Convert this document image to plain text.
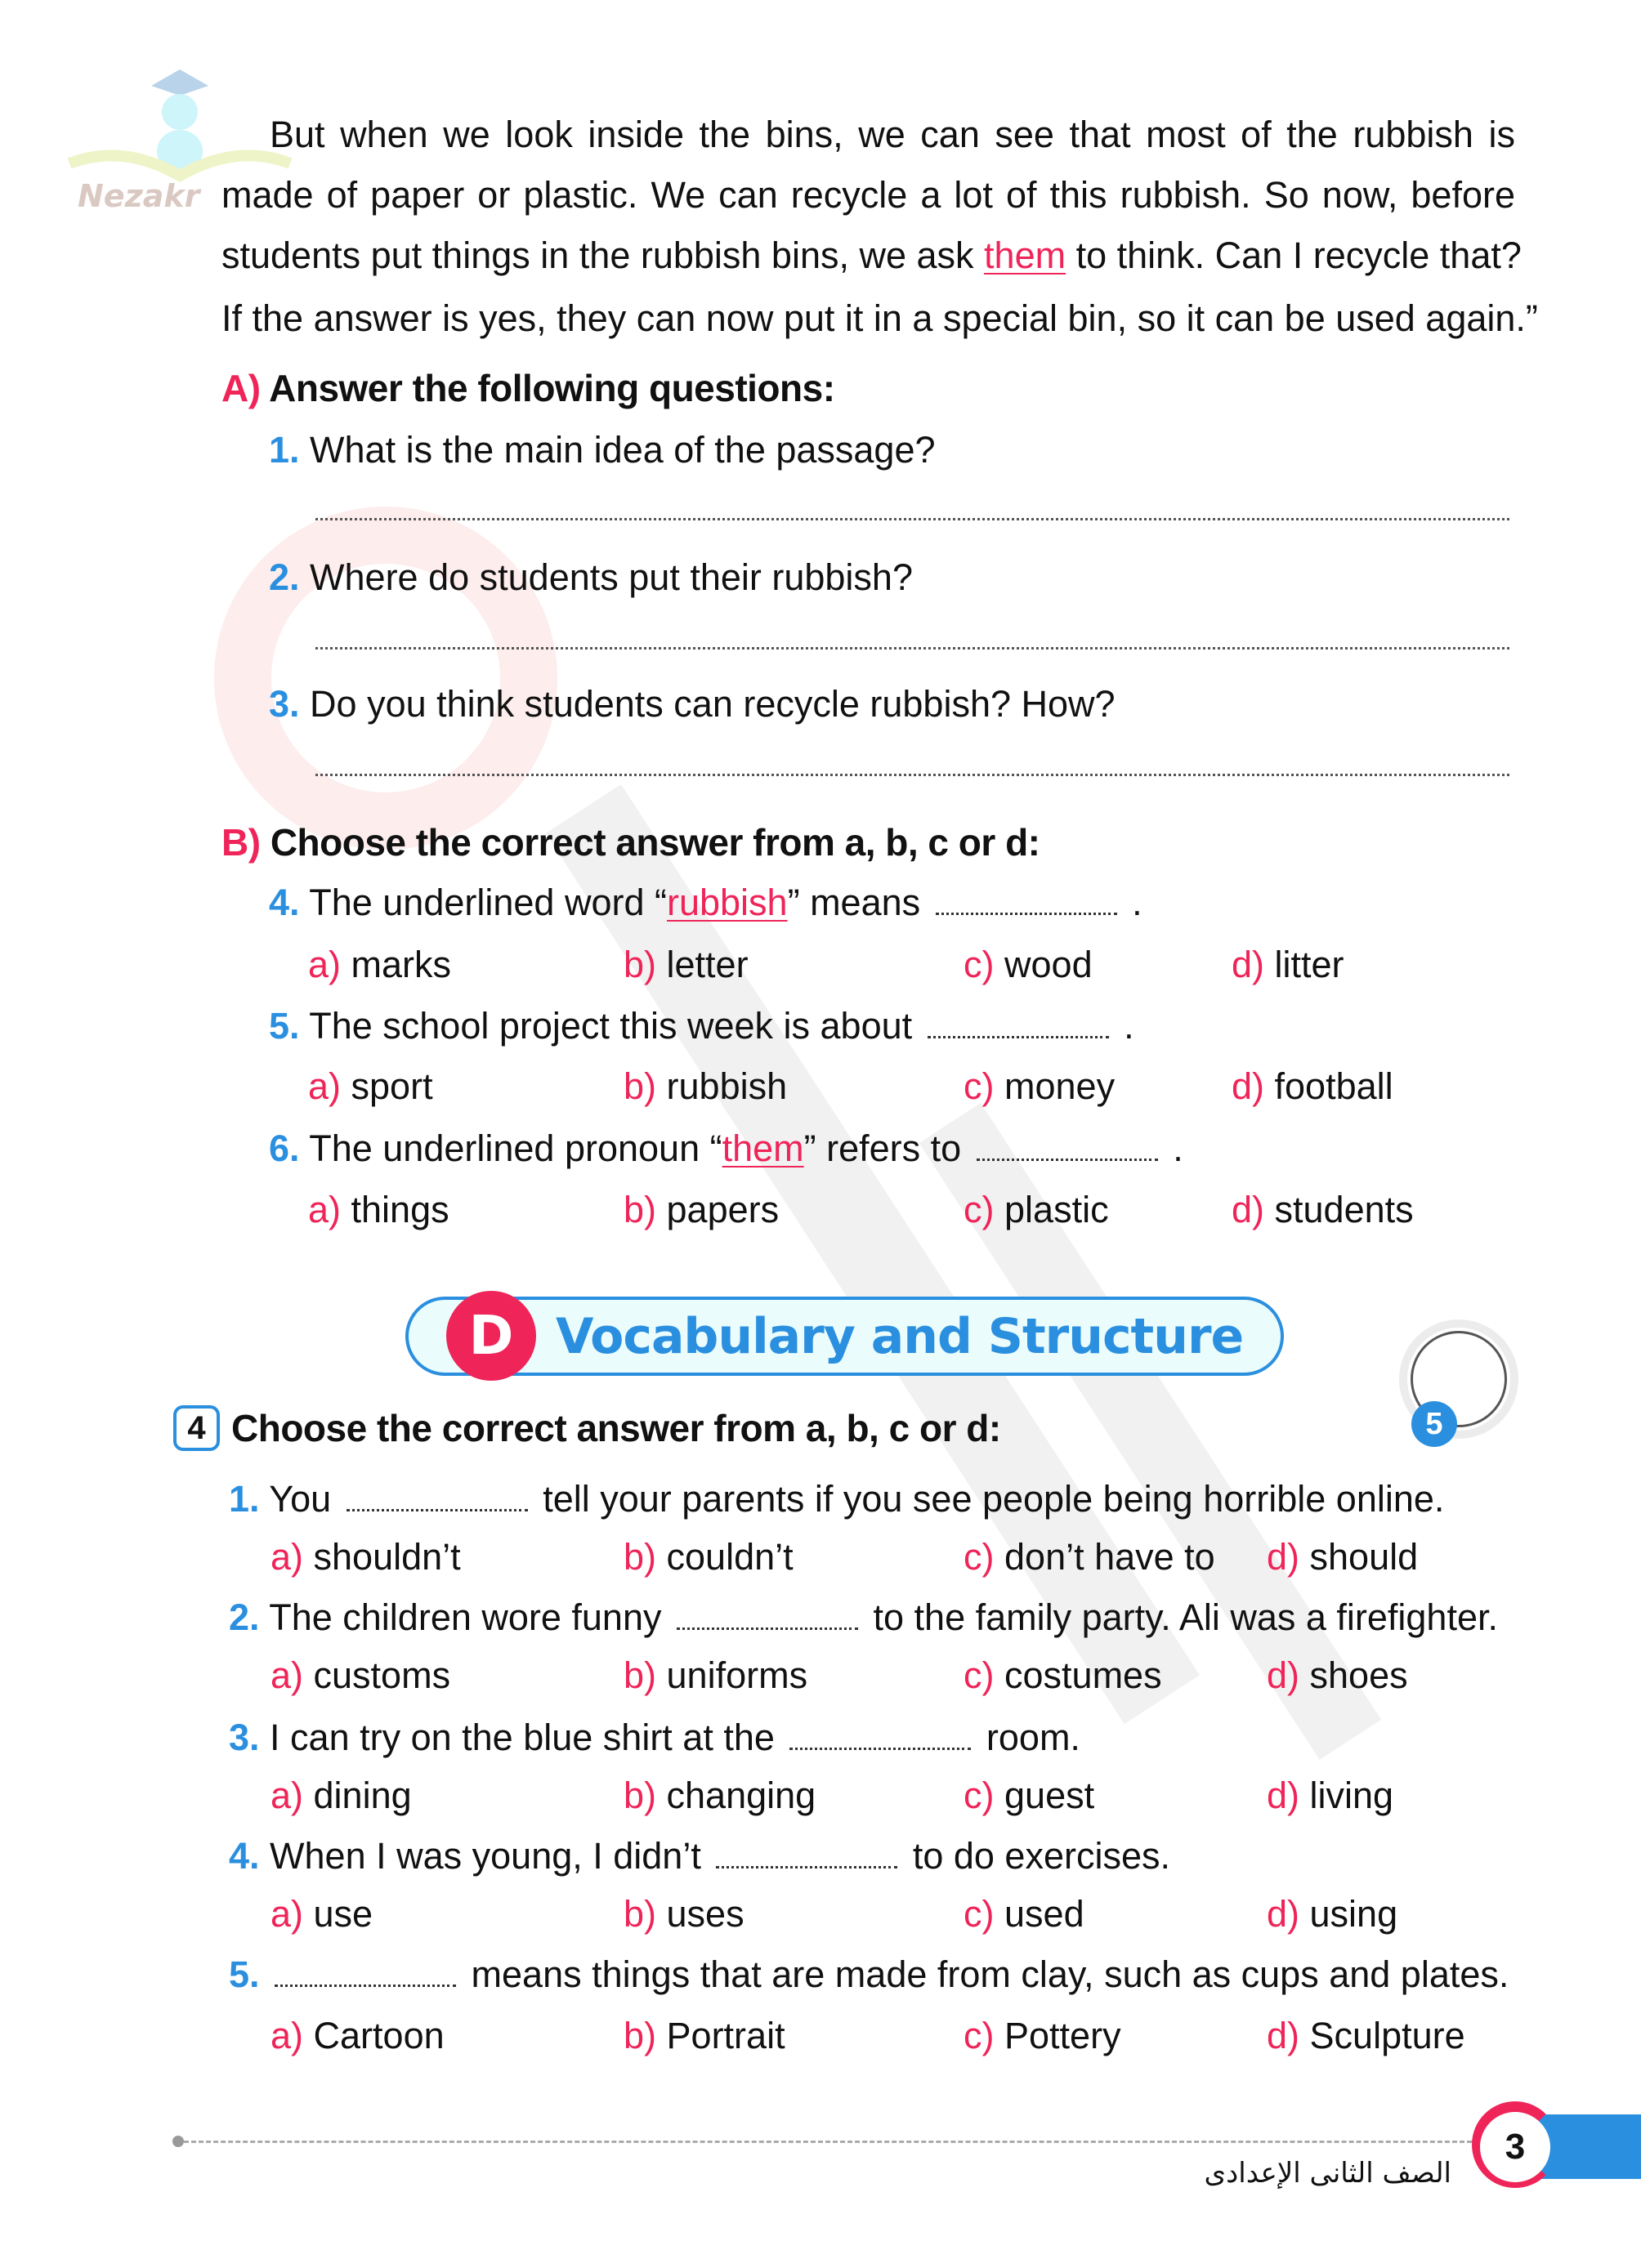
Nezakr
But when we look inside the bins, we can see that most of the rubbish is
made of paper or plastic. We can recycle a lot of this rubbish. So now, before
students put things in the rubbish bins, we ask them to think. Can I recycle that?
If the answer is yes, they can now put it in a special bin, so it can be used again.”
A) Answer the following questions:
1. What is the main idea of the passage?
2. Where do students put their rubbish?
3. Do you think students can recycle rubbish? How?
B) Choose the correct answer from a, b, c or d:
4. The underlined word “rubbish” means	.
a) marks	b) letter	c) wood	d) litter
5. The school project this week is about	.
a) sport	b) rubbish	c) money	d) football
6. The underlined pronoun “them” refers to	.
a) things	b) papers	c) plastic	d) students
D Vocabulary and Structure
5
4 Choose the correct answer from a, b, c or d:
1. You	tell your parents if you see people being horrible online.
a) shouldn’t	b) couldn’t	c) don’t have to d) should
2. The children wore funny	to the family party. Ali was a firefighter.
a) customs	b) uniforms	c) costumes	d) shoes
3. I can try on the blue shirt at the	room.
a) dining	b) changing	c) guest	d) living
4. When I was young, I didn’t	to do exercises.
a) use	b) uses	c) used	d) using
5.	means things that are made from clay, such as cups and plates.
a) Cartoon	b) Portrait	c) Pottery	d) Sculpture
3
الصف الثانى الإعدادى
